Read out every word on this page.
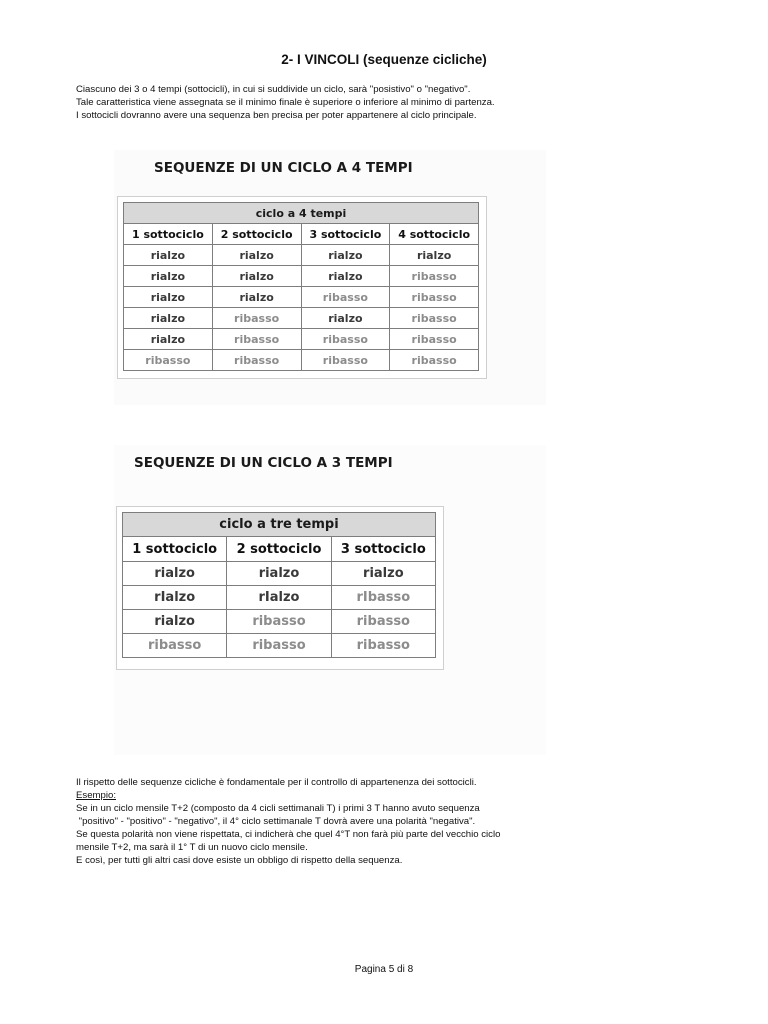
2- I VINCOLI (sequenze cicliche)

Ciascuno dei 3 o 4 tempi (sottocicli), in cui si suddivide un ciclo, sarà "posistivo" o "negativo".

Tale caratteristica viene assegnata se il minimo finale è superiore o inferiore al minimo di partenza.

I sottocicli dovranno avere una sequenza ben precisa per poter appartenere al ciclo principale.

SEQUENZE DI UN CICLO A 4 TEMPI
ciclo a 4 tempi			
1 sottociclo	2 sottociclo	3 sottociclo	4 sottociclo
rialzo	rialzo	rialzo	rialzo
rialzo	rialzo	rialzo	ribasso
rialzo	rialzo	ribasso	ribasso
rialzo	ribasso	rialzo	ribasso
rialzo	ribasso	ribasso	ribasso
ribasso	ribasso	ribasso	ribasso
SEQUENZE DI UN CICLO A 3 TEMPI
ciclo a tre tempi		
1 sottociclo	2 sottociclo	3 sottociclo
rialzo	rialzo	rialzo
rIalzo	rIalzo	rIbasso
rialzo	ribasso	ribasso
ribasso	ribasso	ribasso

Il rispetto delle sequenze cicliche è fondamentale per il controllo di appartenenza dei sottocicli.

Esempio:

Se in un ciclo mensile T+2 (composto da 4 cicli settimanali T) i primi 3 T hanno avuto sequenza

"positivo" - "positivo" - "negativo", il 4° ciclo settimanale T dovrà avere una polarità "negativa".

Se questa polarità non viene rispettata, ci indicherà che quel 4°T non farà più parte del vecchio ciclo

mensile T+2, ma sarà il 1° T di un nuovo ciclo mensile.

E così, per tutti gli altri casi dove esiste un obbligo di rispetto della sequenza.

Pagina 5 di 8
